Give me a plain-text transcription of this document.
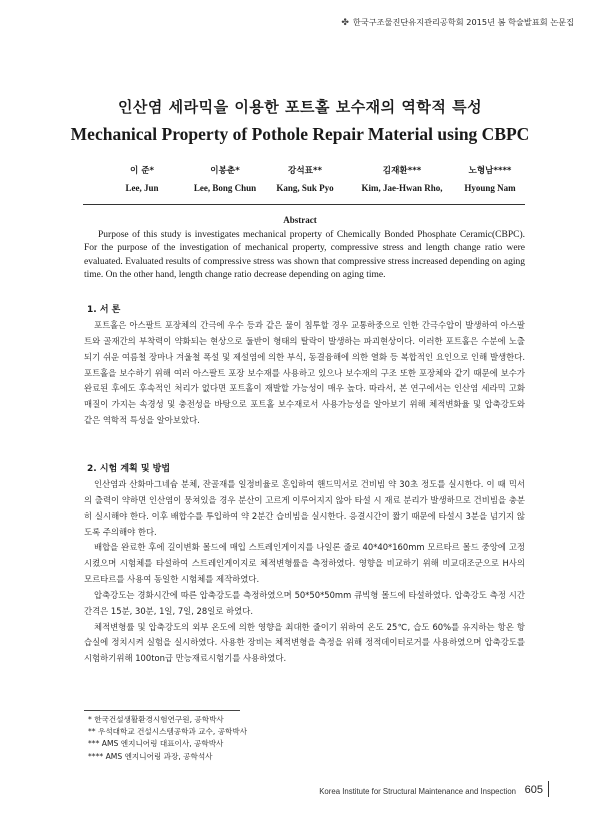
✤ 한국구조물진단유지관리공학회 2015년 봄 학술발표회 논문집
인산염 세라믹을 이용한 포트홀 보수재의 역학적 특성
Mechanical Property of Pothole Repair Material using CBPC
이 준*
Lee, Jun
이봉춘*
Lee, Bong Chun
강석표**
Kang, Suk Pyo
김재환***
Kim, Jae-Hwan Rho,
노형남****
Hyoung Nam
Abstract

Purpose of this study is investigates mechanical property of Chemically Bonded Phosphate Ceramic(CBPC). For the purpose of the investigation of mechanical property, compressive stress and length change ratio were evaluated. Evaluated results of compressive stress was shown that compressive stress increased depending on aging time. On the other hand, length change ratio decrease depending on aging time.

1. 서 론

포트홀은 아스팔트 포장체의 간극에 우수 등과 같은 물이 침투할 경우 교통하중으로 인한 간극수압이 발생하여 아스팔트와 골재간의 부착력이 약화되는 현상으로 둘반이 형태의 탈락이 발생하는 파괴현상이다. 이러한 포트홀은 수분에 노출되기 쉬운 여름철 장마나 겨울철 폭설 및 제설염에 의한 부식, 동결융해에 의한 열화 등 복합적인 요인으로 인해 발생한다. 포트홀을 보수하기 위해 여러 아스팔트 포장 보수재를 사용하고 있으나 보수재의 구조 또한 포장체와 같기 때문에 보수가 완료된 후에도 후속적인 처리가 없다면 포트홀이 재발할 가능성이 매우 높다. 따라서, 본 연구에서는 인산염 세라믹 고화매질이 가지는 속경성 및 충전성을 바탕으로 포트홀 보수재로서 사용가능성을 알아보기 위해 체적변화율 및 압축강도와 같은 역학적 특성을 알아보았다.

2. 시험 계획 및 방법

인산염과 산화마그네슘 분체, 잔골재를 일정비율로 혼입하여 핸드믹서로 건비빔 약 30초 정도를 실시한다. 이 때 믹서의 출력이 약하면 인산염이 뭉쳐있을 경우 분산이 고르게 이루어지지 않아 타설 시 재료 분리가 발생하므로 건비빔을 충분히 실시해야 한다. 이후 배합수를 투입하여 약 2분간 습비빔을 실시한다. 응결시간이 짧기 때문에 타설시 3분을 넘기지 않도록 주의해야 한다.

배합을 완료한 후에 길이변화 몰드에 매입 스트레인게이지를 나일론 줄로 40*40*160mm 모르타르 몰드 중앙에 고정시켰으며 시험체를 타설하여 스트레인게이지로 체적변형률을 측정하였다. 영향을 비교하기 위해 비교대조군으로 H사의 모르타르를 사용여 동일한 시험체를 제작하였다.

압축강도는 경화시간에 따른 압축강도를 측정하였으며 50*50*50mm 큐빅형 몰드에 타설하였다. 압축강도 측정 시간간격은 15분, 30분, 1일, 7일, 28일로 하였다.

체적변형률 및 압축강도의 외부 온도에 의한 영향을 최대한 줄이기 위하여 온도 25℃, 습도 60%를 유지하는 항온 항습실에 정치시켜 실험을 실시하였다. 사용한 장비는 체적변형을 측정을 위해 정적데이터로거를 사용하였으며 압축강도를 시험하기위해 100ton급 만능재료시험기를 사용하였다.

* 한국건설생활환경시험연구원, 공학박사
** 우석대학교 건설시스템공학과 교수, 공학박사
*** AMS 엔지니어링 대표이사, 공학박사
**** AMS 엔지니어링 과장, 공학석사
Korea Institute for Structural Maintenance and Inspection 605
